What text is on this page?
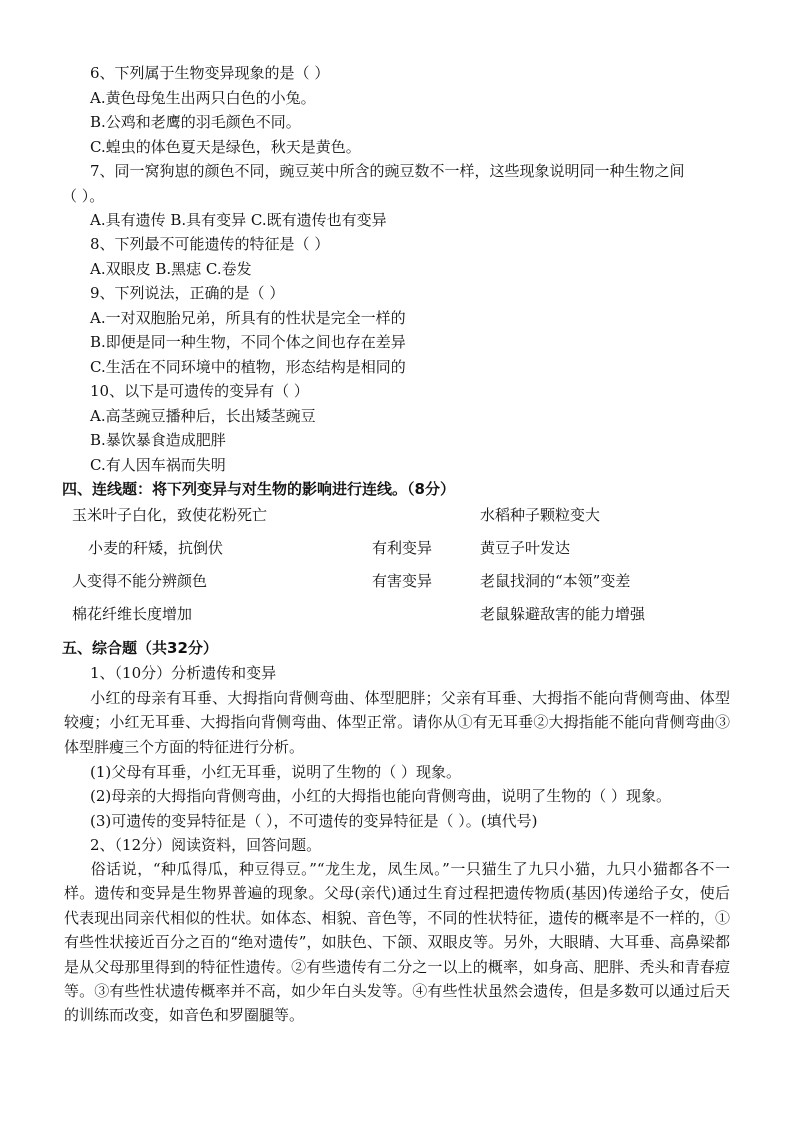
6、下列属于生物变异现象的是（ ）
A.黄色母兔生出两只白色的小兔。
B.公鸡和老鹰的羽毛颜色不同。
C.蝗虫的体色夏天是绿色，秋天是黄色。
7、同一窝狗崽的颜色不同，豌豆荚中所含的豌豆数不一样，这些现象说明同一种生物之间
（ ）。
A.具有遗传 B.具有变异 C.既有遗传也有变异
8、下列最不可能遗传的特征是（ ）
A.双眼皮 B.黑痣 C.卷发
9、下列说法，正确的是（ ）
A.一对双胞胎兄弟，所具有的性状是完全一样的
B.即便是同一种生物，不同个体之间也存在差异
C.生活在不同环境中的植物，形态结构是相同的
10、以下是可遗传的变异有（ ）
A.高茎豌豆播种后，长出矮茎豌豆
B.暴饮暴食造成肥胖
C.有人因车祸而失明
四、连线题：将下列变异与对生物的影响进行连线。（8分）
玉米叶子白化，致使花粉死亡
小麦的秆矮，抗倒伏
人变得不能分辨颜色
棉花纤维长度增加
有利变异
有害变异
水稻种子颗粒变大
黄豆子叶发达
老鼠找洞的“本领”变差
老鼠躲避敌害的能力增强
五、综合题（共32分）
1、（10分）分析遗传和变异
小红的母亲有耳垂、大拇指向背侧弯曲、体型肥胖；父亲有耳垂、大拇指不能向背侧弯曲、体型较瘦；小红无耳垂、大拇指向背侧弯曲、体型正常。请你从①有无耳垂②大拇指能不能向背侧弯曲③体型胖瘦三个方面的特征进行分析。
(1)父母有耳垂，小红无耳垂，说明了生物的（ ）现象。
(2)母亲的大拇指向背侧弯曲，小红的大拇指也能向背侧弯曲，说明了生物的（ ）现象。
(3)可遗传的变异特征是（ ），不可遗传的变异特征是（ ）。(填代号)
2、（12分）阅读资料，回答问题。
俗话说，“种瓜得瓜，种豆得豆。”“龙生龙，凤生凤。”一只猫生了九只小猫，九只小猫都各不一样。遗传和变异是生物界普遍的现象。父母(亲代)通过生育过程把遗传物质(基因)传递给子女，使后代表现出同亲代相似的性状。如体态、相貌、音色等，不同的性状特征，遗传的概率是不一样的，①有些性状接近百分之百的“绝对遗传”，如肤色、下颌、双眼皮等。另外，大眼睛、大耳垂、高鼻梁都是从父母那里得到的特征性遗传。②有些遗传有二分之一以上的概率，如身高、肥胖、秃头和青春痘等。③有些性状遗传概率并不高，如少年白头发等。④有些性状虽然会遗传，但是多数可以通过后天的训练而改变，如音色和罗圈腿等。
